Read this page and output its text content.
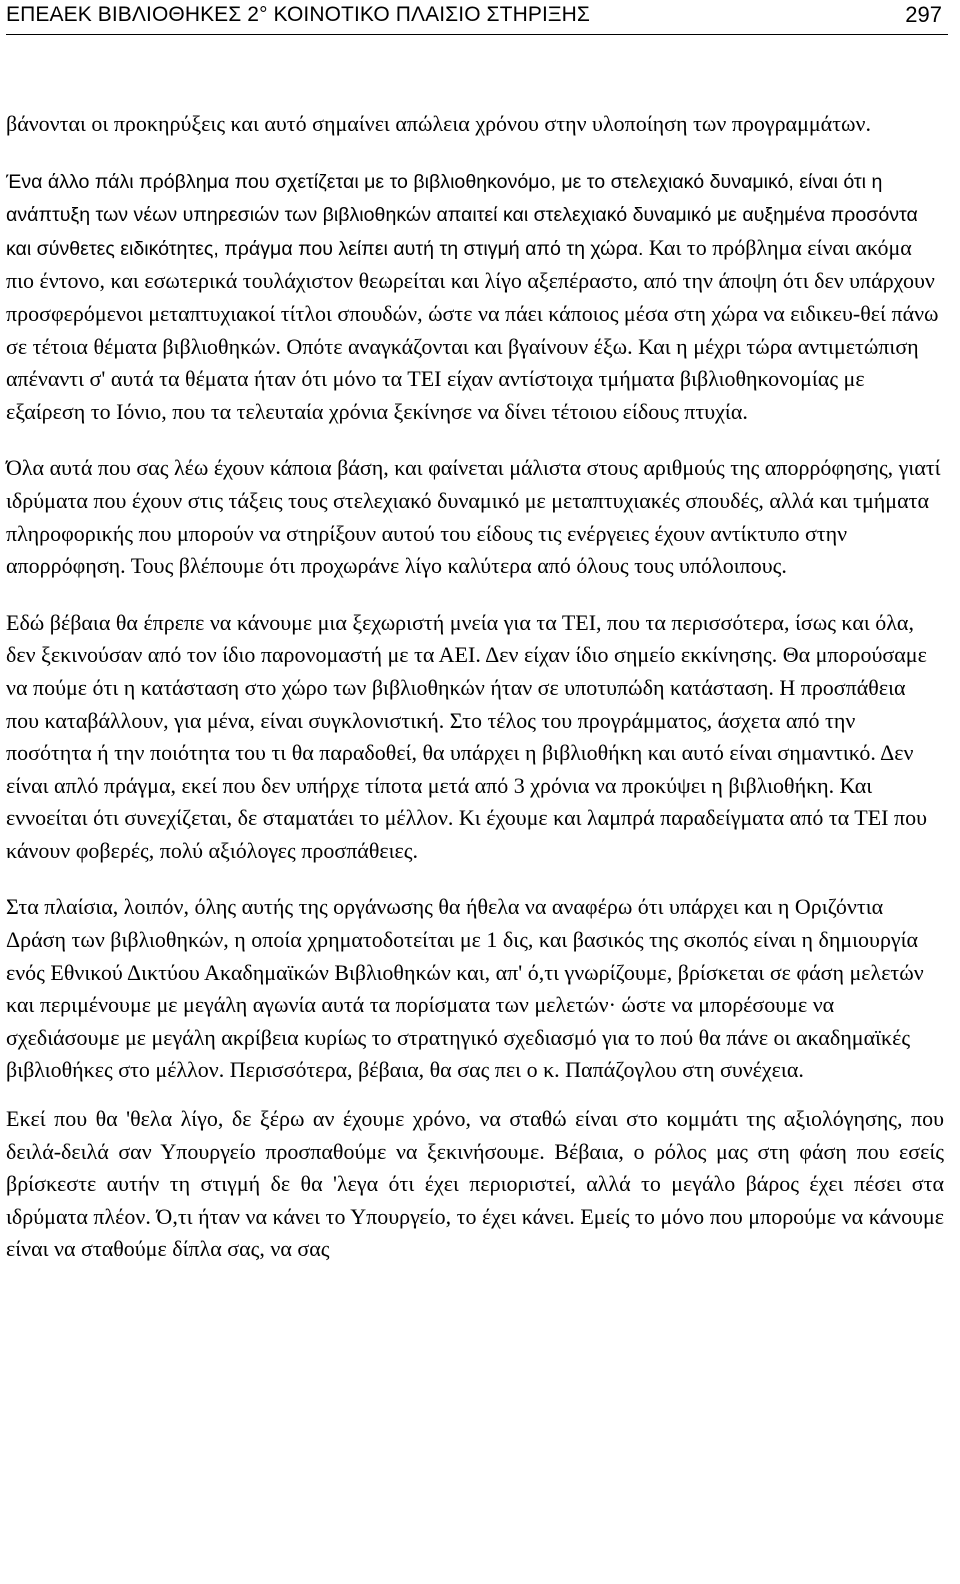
ΕΠΕΑΕΚ ΒΙΒΛΙΟΘΗΚΕΣ 2° ΚΟΙΝΟΤΙΚΟ ΠΛΑΙΣΙΟ ΣΤΗΡΙΞΗΣ	297

βάνονται οι προκηρύξεις και αυτό σημαίνει απώλεια χρόνου στην υλοποίηση των προγραμμάτων.

Ένα άλλο πάλι πρόβλημα που σχετίζεται με το βιβλιοθηκονόμο, με το στελεχιακό δυναμικό, είναι ότι η ανάπτυξη των νέων υπηρεσιών των βιβλιοθηκών απαιτεί και στελεχιακό δυναμικό με αυξημένα προσόντα και σύνθετες ειδικότητες, πράγμα που λείπει αυτή τη στιγμή από τη χώρα. Και το πρόβλημα είναι ακόμα πιο έντονο, και εσωτερικά τουλάχιστον θεωρείται και λίγο αξεπέραστο, από την άποψη ότι δεν υπάρχουν προσφερόμενοι μεταπτυχιακοί τίτλοι σπουδών, ώστε να πάει κάποιος μέσα στη χώρα να ειδικευ-θεί πάνω σε τέτοια θέματα βιβλιοθηκών. Οπότε αναγκάζονται και βγαίνουν έξω. Και η μέχρι τώρα αντιμετώπιση απέναντι σ' αυτά τα θέματα ήταν ότι μόνο τα ΤΕΙ είχαν αντίστοιχα τμήματα βιβλιοθηκονομίας με εξαίρεση το Ιόνιο, που τα τελευταία χρόνια ξεκίνησε να δίνει τέτοιου είδους πτυχία.

Όλα αυτά που σας λέω έχουν κάποια βάση, και φαίνεται μάλιστα στους αριθμούς της απορρόφησης, γιατί ιδρύματα που έχουν στις τάξεις τους στελεχιακό δυναμικό με μεταπτυχιακές σπουδές, αλλά και τμήματα πληροφορικής που μπορούν να στηρίξουν αυτού του είδους τις ενέργειες έχουν αντίκτυπο στην απορρόφηση. Τους βλέπουμε ότι προχωράνε λίγο καλύτερα από όλους τους υπόλοιπους.

Εδώ βέβαια θα έπρεπε να κάνουμε μια ξεχωριστή μνεία για τα ΤΕΙ, που τα περισσότερα, ίσως και όλα, δεν ξεκινούσαν από τον ίδιο παρονομαστή με τα ΑΕΙ. Δεν είχαν ίδιο σημείο εκκίνησης. Θα μπορούσαμε να πούμε ότι η κατάσταση στο χώρο των βιβλιοθηκών ήταν σε υποτυπώδη κατάσταση. Η προσπάθεια που καταβάλλουν, για μένα, είναι συγκλονιστική. Στο τέλος του προγράμματος, άσχετα από την ποσότητα ή την ποιότητα του τι θα παραδοθεί, θα υπάρχει η βιβλιοθήκη και αυτό είναι σημαντικό. Δεν είναι απλό πράγμα, εκεί που δεν υπήρχε τίποτα μετά από 3 χρόνια να προκύψει η βιβλιοθήκη. Και εννοείται ότι συνεχίζεται, δε σταματάει το μέλλον. Κι έχουμε και λαμπρά παραδείγματα από τα ΤΕΙ που κάνουν φοβερές, πολύ αξιόλογες προσπάθειες.

Στα πλαίσια, λοιπόν, όλης αυτής της οργάνωσης θα ήθελα να αναφέρω ότι υπάρχει και η Οριζόντια Δράση των βιβλιοθηκών, η οποία χρηματοδοτείται με 1 δις, και βασικός της σκοπός είναι η δημιουργία ενός Εθνικού Δικτύου Ακαδημαϊκών Βιβλιοθηκών και, απ' ό,τι γνωρίζουμε, βρίσκεται σε φάση μελετών και περιμένουμε με μεγάλη αγωνία αυτά τα πορίσματα των μελετών· ώστε να μπορέσουμε να σχεδιάσουμε με μεγάλη ακρίβεια κυρίως το στρατηγικό σχεδιασμό για το πού θα πάνε οι ακαδημαϊκές βιβλιοθήκες στο μέλλον. Περισσότερα, βέβαια, θα σας πει ο κ. Παπάζογλου στη συνέχεια.

Εκεί που θα 'θελα λίγο, δε ξέρω αν έχουμε χρόνο, να σταθώ είναι στο κομμάτι της αξιολόγησης, που δειλά-δειλά σαν Υπουργείο προσπαθούμε να ξεκινήσουμε. Βέβαια, ο ρόλος μας στη φάση που εσείς βρίσκεστε αυτήν τη στιγμή δε θα 'λεγα ότι έχει περιοριστεί, αλλά το μεγάλο βάρος έχει πέσει στα ιδρύματα πλέον. Ό,τι ήταν να κάνει το Υπουργείο, το έχει κάνει. Εμείς το μόνο που μπορούμε να κάνουμε είναι να σταθούμε δίπλα σας, να σας
